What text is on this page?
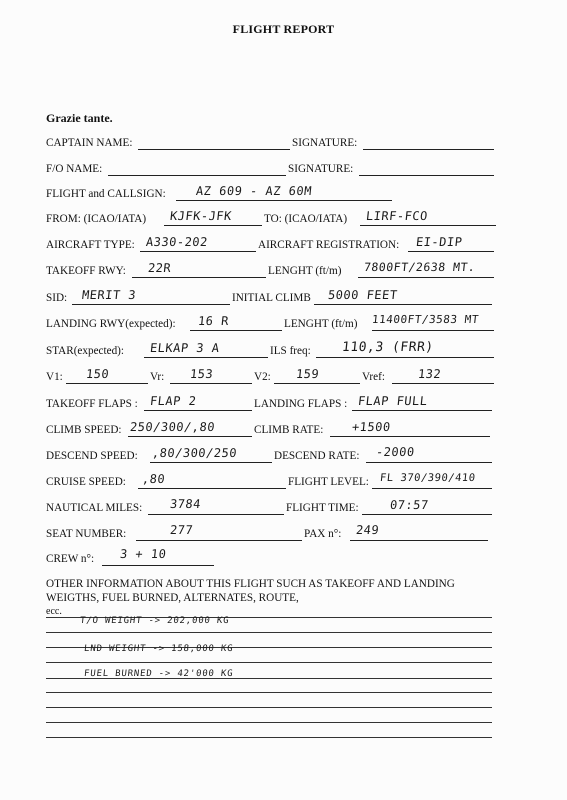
FLIGHT REPORT
Grazie tante.
CAPTAIN NAME:	SIGNATURE:
F/O NAME:	SIGNATURE:
FLIGHT and CALLSIGN: AZ 609 - AZ 60M
FROM: (ICAO/IATA) KJFK-JFK	TO: (ICAO/IATA) LIRF-FCO
AIRCRAFT TYPE: A330-202	AIRCRAFT REGISTRATION: EI-DIP
TAKEOFF RWY: 22R	LENGHT (ft/m) 7800FT/2638 MT.
SID: MERIT 3	INITIAL CLIMB 5000 FEET
LANDING RWY(expected): 16 R	LENGHT (ft/m) 11400FT/3583 MT
STAR(expected): ELKAP 3 A	ILS freq: 110,3 (FRR)
V1: 150	Vr: 153	V2: 159	Vref:	132
TAKEOFF FLAPS : FLAP 2	LANDING FLAPS : FLAP FULL
CLIMB SPEED: 250/300/,80	CLIMB RATE: +1500
DESCEND SPEED: ,80/300/250	DESCEND RATE: -2000
CRUISE SPEED: ,80	FLIGHT LEVEL: FL 370/390/410
NAUTICAL MILES: 3784	FLIGHT TIME:	07:57
SEAT NUMBER:	277	PAX n°: 249
CREW n°: 3 + 10
OTHER INFORMATION ABOUT THIS FLIGHT SUCH AS TAKEOFF AND LANDING
WEIGTHS, FUEL BURNED, ALTERNATES, ROUTE,
ecc.
T/O WEIGHT -> 202,000 KG
LND WEIGHT -> 158,000 KG
FUEL BURNED -> 42'000 KG
